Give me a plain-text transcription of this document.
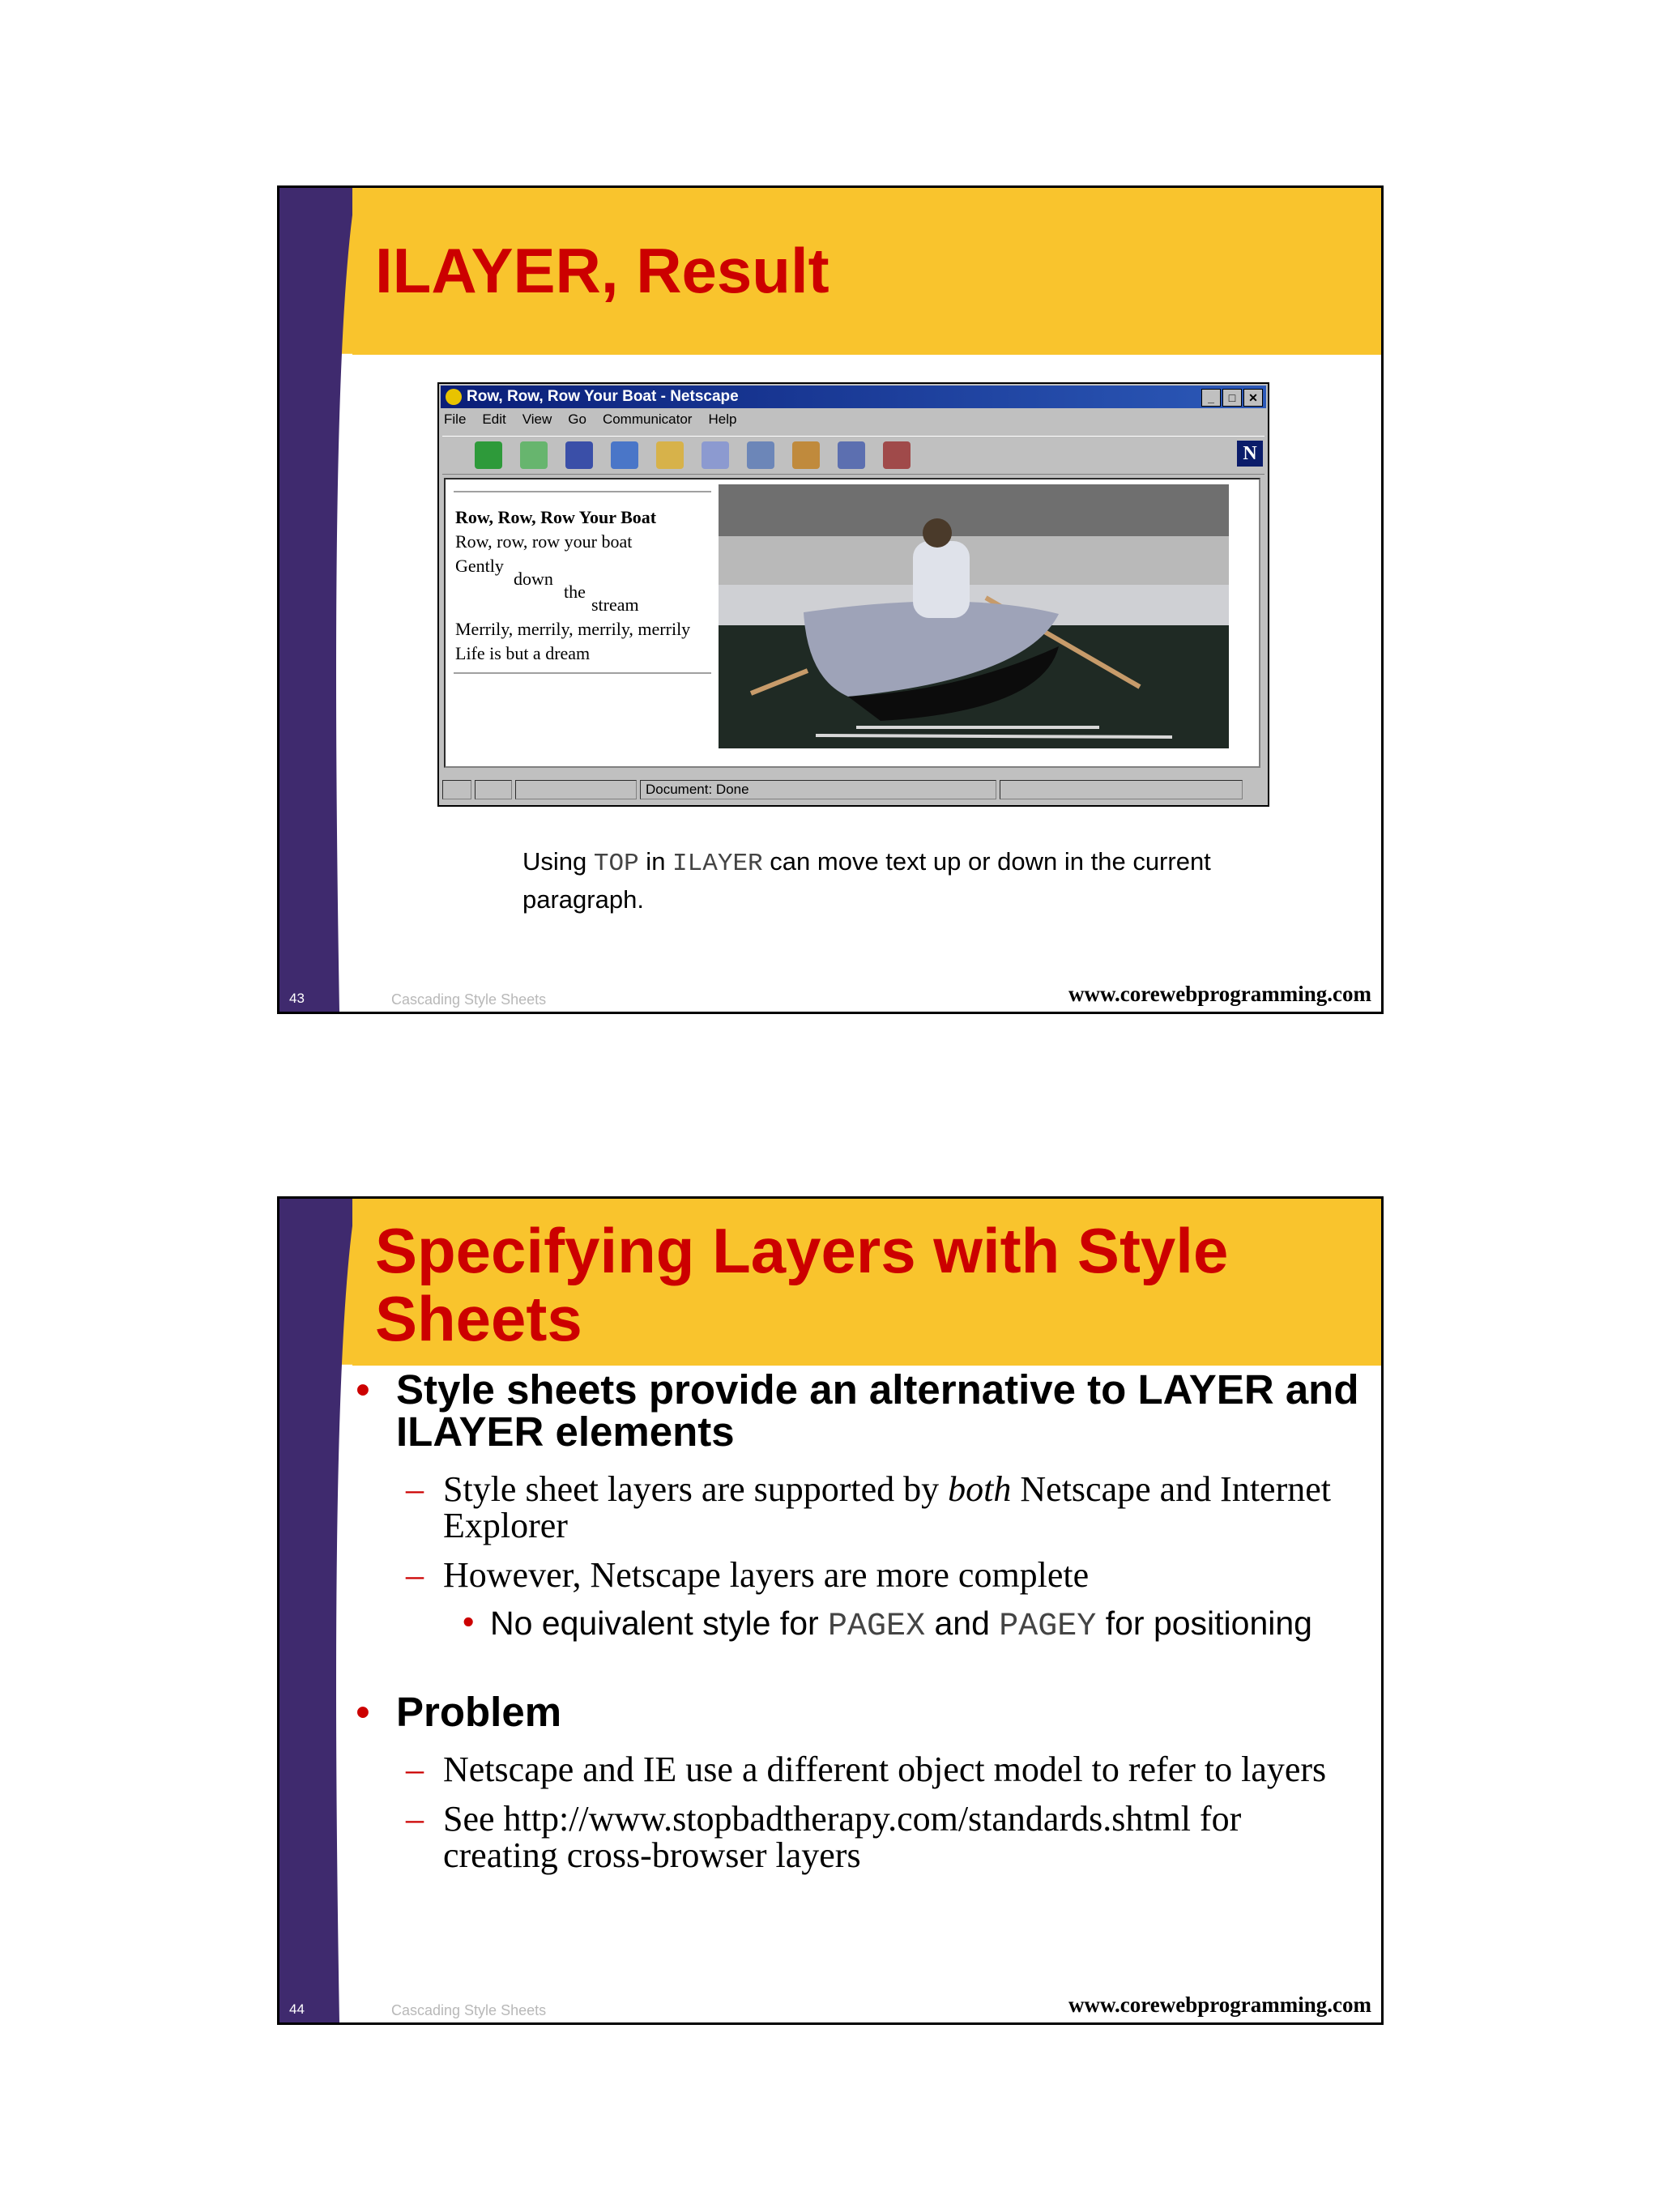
ILAYER, Result
Row, Row, Row Your Boat - Netscape	_	□	✕
File Edit View Go Communicator Help
N
Row, Row, Row Your Boat
Row, row, row your boat
Gently
down
the
stream
Merrily, merrily, merrily, merrily
Life is but a dream
Document: Done
Using TOP in ILAYER can move text up or down in the current paragraph.
43	Cascading Style Sheets	www.corewebprogramming.com
Specifying Layers with Style Sheets
• Style sheets provide an alternative to LAYER and ILAYER elements
– Style sheet layers are supported by both Netscape and Internet Explorer
– However, Netscape layers are more complete
• No equivalent style for PAGEX and PAGEY for positioning
• Problem
– Netscape and IE use a different object model to refer to layers
– See http://www.stopbadtherapy.com/standards.shtml for creating cross-browser layers
44	Cascading Style Sheets	www.corewebprogramming.com
